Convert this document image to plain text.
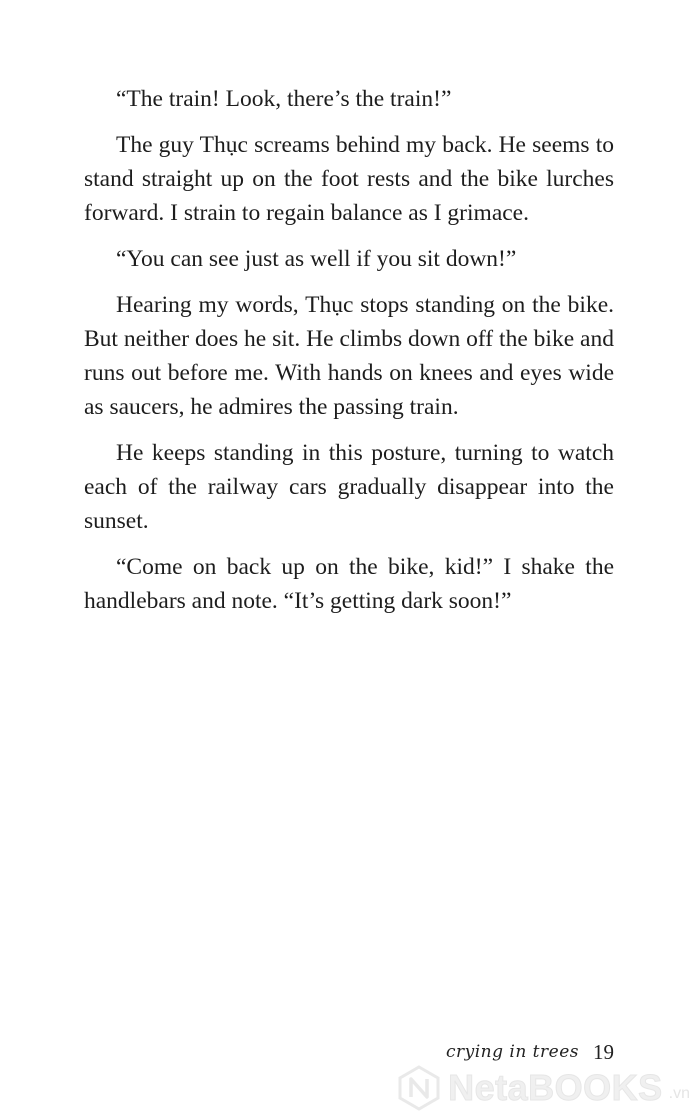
“The train! Look, there’s the train!”

The guy Thục screams behind my back. He seems to stand straight up on the foot rests and the bike lurches forward. I strain to regain balance as I grimace.

“You can see just as well if you sit down!”

Hearing my words, Thục stops standing on the bike. But neither does he sit. He climbs down off the bike and runs out before me. With hands on knees and eyes wide as saucers, he admires the passing train.

He keeps standing in this posture, turning to watch each of the railway cars gradually disappear into the sunset.

“Come on back up on the bike, kid!” I shake the handlebars and note. “It’s getting dark soon!”

crying in trees 19
NetaBOOKS .vn
